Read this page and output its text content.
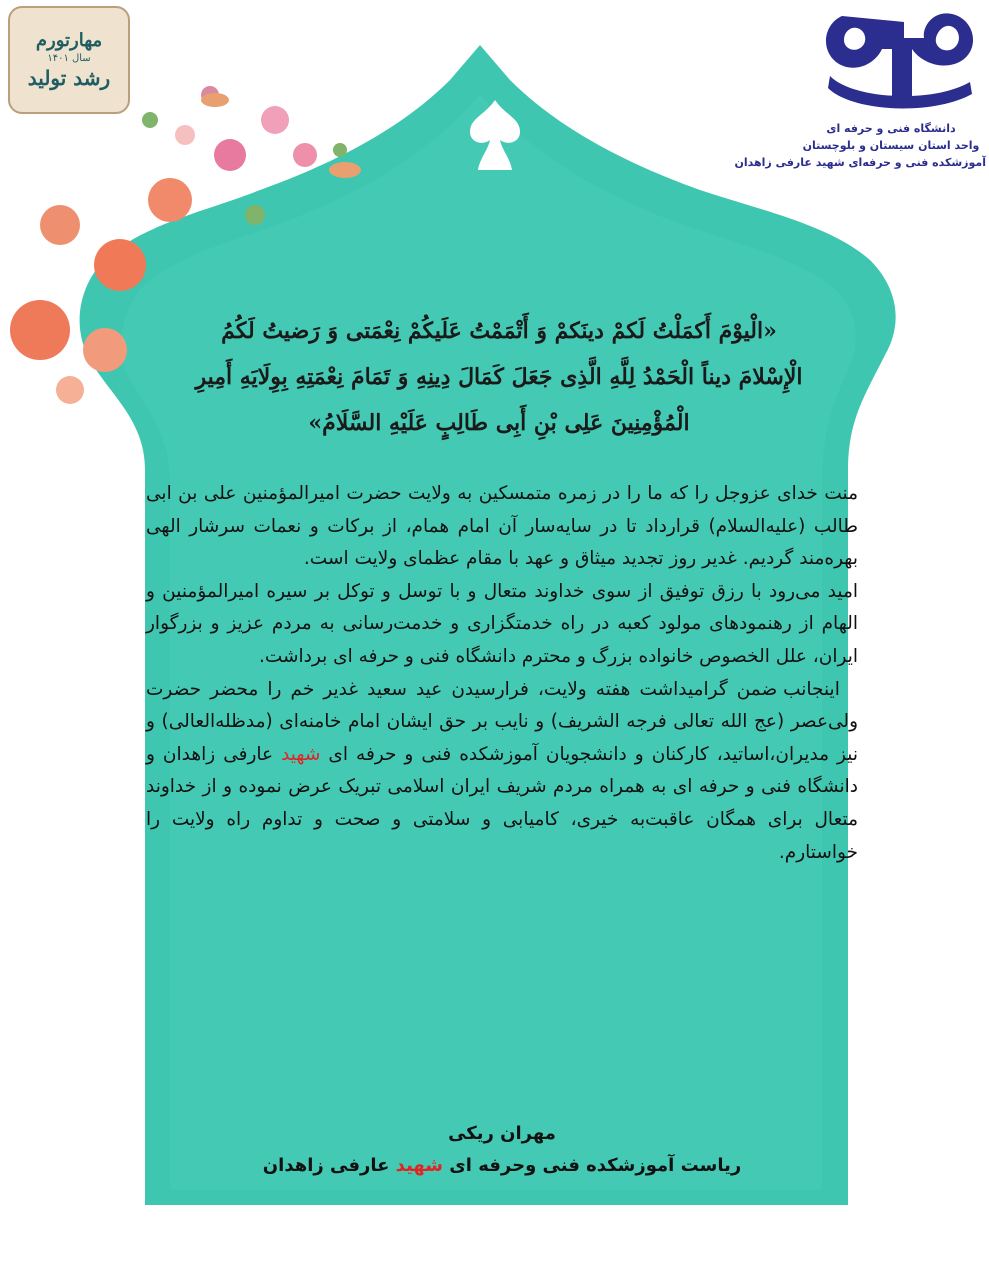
مهارتورم
سال ۱۴۰۱
رشد تولید
دانشگاه فنی و حرفه ای
واحد استان سیستان و بلوچستان
آموزشکده فنی و حرفه‌ای شهید عارفی زاهدان
«الْیوْمَ أَکمَلْتُ لَکمْ دینَکمْ وَ أَتْمَمْتُ عَلَیکُمْ نِعْمَتی وَ رَضیتُ لَکُمُ
الْإِسْلامَ دیناً الْحَمْدُ لِلَّهِ الَّذِی جَعَلَ کَمَالَ دِینِهِ وَ تَمَامَ نِعْمَتِهِ بِوِلَایَهِ أَمِیرِ
الْمُؤْمِنِینَ عَلِی بْنِ أَبِی طَالِبٍ عَلَیْهِ السَّلَامُ»

منت خدای عزوجل را که ما را در زمره متمسکین به ولایت حضرت امیرالمؤمنین علی بن ابی طالب (علیه‌السلام) قرارداد تا در سایه‌سار آن امام همام، از برکات و نعمات سرشار الهی بهره‌مند گردیم. غدیر روز تجدید میثاق و عهد با مقام عظمای ولایت است.

امید می‌رود با رزق توفیق از سوی خداوند متعال و با توسل و توکل بر سیره امیرالمؤمنین و الهام از رهنمودهای مولود کعبه در راه خدمتگزاری و خدمت‌رسانی به مردم عزیز و بزرگوار ایران، علل الخصوص خانواده بزرگ و محترم دانشگاه فنی و حرفه ای برداشت.

اینجانب ضمن گرامیداشت هفته ولایت، فرارسیدن عید سعید غدیر خم را محضر حضرت ولی‌عصر (عج الله تعالی فرجه الشریف) و نایب بر حق ایشان امام خامنه‌ای (مدظله‌العالی) و نیز مدیران،اساتید، کارکنان و دانشجویان آموزشکده فنی و حرفه ای شهید عارفی زاهدان و دانشگاه فنی و حرفه ای به همراه مردم شریف ایران اسلامی تبریک عرض نموده و از خداوند متعال برای همگان عاقبت‌به خیری، کامیابی و سلامتی و صحت و تداوم راه ولایت را خواستارم.

مهران ریکی

ریاست آموزشکده فنی وحرفه ای شهید عارفی زاهدان
